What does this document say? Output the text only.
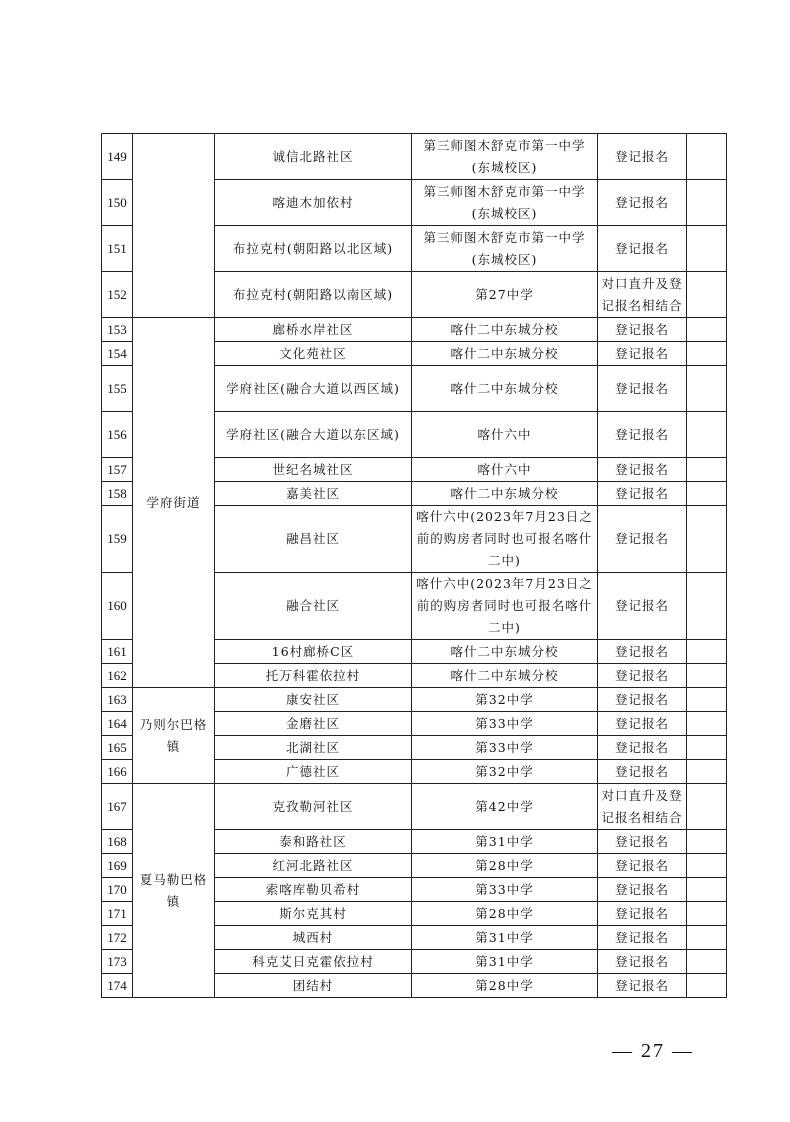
149		诚信北路社区	第三师图木舒克市第一中学(东城校区)	登记报名	
150		喀迪木加依村	第三师图木舒克市第一中学(东城校区)	登记报名	
151		布拉克村(朝阳路以北区域)	第三师图木舒克市第一中学(东城校区)	登记报名	
152		布拉克村(朝阳路以南区域)	第27中学	对口直升及登记报名相结合	
153	学府街道	廊桥水岸社区	喀什二中东城分校	登记报名	
154		文化苑社区	喀什二中东城分校	登记报名	
155		学府社区(融合大道以西区域)	喀什二中东城分校	登记报名	
156		学府社区(融合大道以东区域)	喀什六中	登记报名	
157		世纪名城社区	喀什六中	登记报名	
158		嘉美社区	喀什二中东城分校	登记报名	
159		融昌社区	喀什六中(2023年7月23日之前的购房者同时也可报名喀什二中)	登记报名	
160		融合社区	喀什六中(2023年7月23日之前的购房者同时也可报名喀什二中)	登记报名	
161		16村廊桥C区	喀什二中东城分校	登记报名	
162		托万科霍依拉村	喀什二中东城分校	登记报名	
163	乃则尔巴格镇	康安社区	第32中学	登记报名	
164		金磨社区	第33中学	登记报名	
165		北湖社区	第33中学	登记报名	
166		广德社区	第32中学	登记报名	
167	夏马勒巴格镇	克孜勒河社区	第42中学	对口直升及登记报名相结合	
168		泰和路社区	第31中学	登记报名	
169		红河北路社区	第28中学	登记报名	
170		索喀库勒贝希村	第33中学	登记报名	
171		斯尔克其村	第28中学	登记报名	
172		城西村	第31中学	登记报名	
173		科克艾日克霍依拉村	第31中学	登记报名	
174		团结村	第28中学	登记报名	
— 27 —
